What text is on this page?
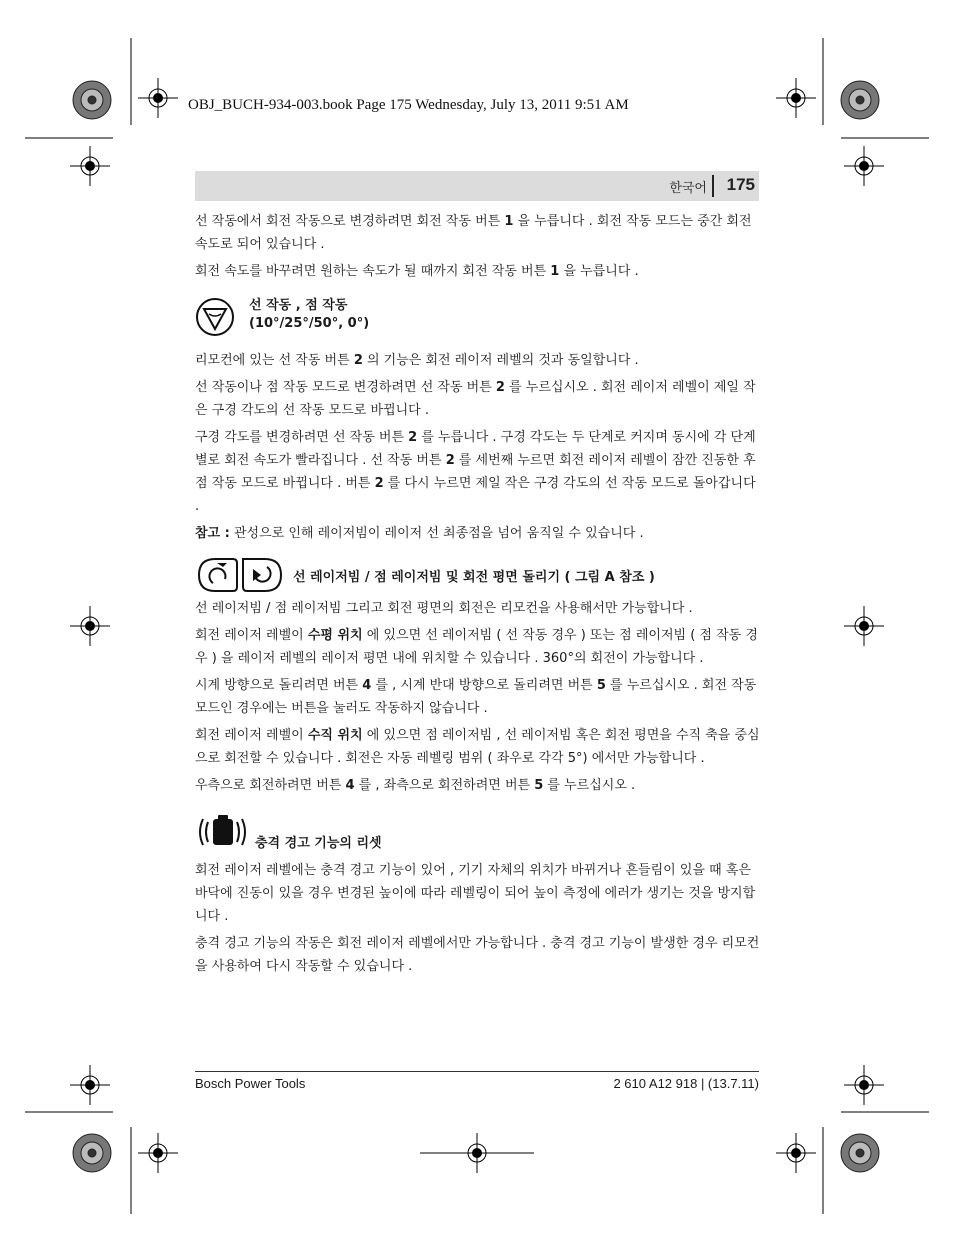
OBJ_BUCH-934-003.book Page 175 Wednesday, July 13, 2011 9:51 AM
한국어 175

선 작동에서 회전 작동으로 변경하려면 회전 작동 버튼 1 을 누릅니다 . 회전 작동 모드는 중간 회전 속도로 되어 있습니다 .

회전 속도를 바꾸려면 원하는 속도가 될 때까지 회전 작동 버튼 1 을 누릅니다 .

선 작동 , 점 작동
(10°/25°/50°, 0°)

리모컨에 있는 선 작동 버튼 2 의 기능은 회전 레이저 레벨의 것과 동일합니다 .

선 작동이나 점 작동 모드로 변경하려면 선 작동 버튼 2 를 누르십시오 . 회전 레이저 레벨이 제일 작은 구경 각도의 선 작동 모드로 바뀝니다 .

구경 각도를 변경하려면 선 작동 버튼 2 를 누릅니다 . 구경 각도는 두 단계로 커지며 동시에 각 단계 별로 회전 속도가 빨라집니다 . 선 작동 버튼 2 를 세번째 누르면 회전 레이저 레벨이 잠깐 진동한 후 점 작동 모드로 바뀝니다 . 버튼 2 를 다시 누르면 제일 작은 구경 각도의 선 작동 모드로 돌아갑니다 .

참고 : 관성으로 인해 레이저빔이 레이저 선 최종점을 넘어 움직일 수 있습니다 .

선 레이저빔 / 점 레이저빔 및 회전 평면 돌리기 ( 그림 A 참조 )

선 레이저빔 / 점 레이저빔 그리고 회전 평면의 회전은 리모컨을 사용해서만 가능합니다 .

회전 레이저 레벨이 수평 위치 에 있으면 선 레이저빔 ( 선 작동 경우 ) 또는 점 레이저빔 ( 점 작동 경우 ) 을 레이저 레벨의 레이저 평면 내에 위치할 수 있습니다 . 360°의 회전이 가능합니다 .

시계 방향으로 돌리려면 버튼 4 를 , 시계 반대 방향으로 돌리려면 버튼 5 를 누르십시오 . 회전 작동 모드인 경우에는 버튼을 눌러도 작동하지 않습니다 .

회전 레이저 레벨이 수직 위치 에 있으면 점 레이저빔 , 선 레이저빔 혹은 회전 평면을 수직 축을 중심으로 회전할 수 있습니다 . 회전은 자동 레벨링 범위 ( 좌우로 각각 5°) 에서만 가능합니다 .

우측으로 회전하려면 버튼 4 를 , 좌측으로 회전하려면 버튼 5 를 누르십시오 .

충격 경고 기능의 리셋

회전 레이저 레벨에는 충격 경고 기능이 있어 , 기기 자체의 위치가 바뀌거나 흔들림이 있을 때 혹은 바닥에 진동이 있을 경우 변경된 높이에 따라 레벨링이 되어 높이 측정에 에러가 생기는 것을 방지합니다 .

충격 경고 기능의 작동은 회전 레이저 레벨에서만 가능합니다 . 충격 경고 기능이 발생한 경우 리모컨을 사용하여 다시 작동할 수 있습니다 .

Bosch Power Tools	2 610 A12 918 | (13.7.11)
